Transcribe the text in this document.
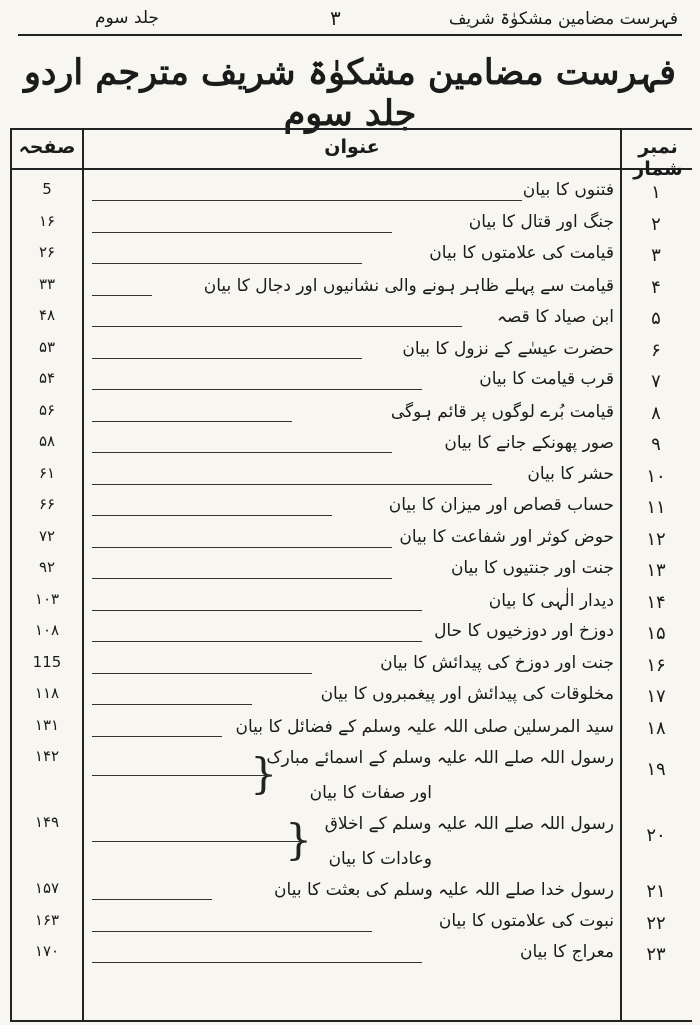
فہرست مضامین مشکوٰۃ شریف
۳
جلد سوم
فہرست مضامین مشکوٰۃ شریف مترجم اردو جلد سوم
نمبر شمار
عنوان
صفحہ
۱
فتنوں کا بیان
5
۲
جنگ اور قتال کا بیان
۱۶
۳
قیامت کی علامتوں کا بیان
۲۶
۴
قیامت سے پہلے ظاہر ہونے والی نشانیوں اور دجال کا بیان
۳۳
۵
ابن صیاد کا قصہ
۴۸
۶
حضرت عیسٰے کے نزول کا بیان
۵۳
۷
قرب قیامت کا بیان
۵۴
۸
قیامت بُرے لوگوں پر قائم ہوگی
۵۶
۹
صور پھونکے جانے کا بیان
۵۸
۱۰
حشر کا بیان
۶۱
۱۱
حساب قصاص اور میزان کا بیان
۶۶
۱۲
حوض کوثر اور شفاعت کا بیان
۷۲
۱۳
جنت اور جنتیوں کا بیان
۹۲
۱۴
دیدار الٰہی کا بیان
۱۰۳
۱۵
دوزخ اور دوزخیوں کا حال
۱۰۸
۱۶
جنت اور دوزخ کی پیدائش کا بیان
115
۱۷
مخلوقات کی پیدائش اور پیغمبروں کا بیان
۱۱۸
۱۸
سید المرسلین صلی اللہ علیہ وسلم کے فضائل کا بیان
۱۳۱
۱۹
رسول اللہ صلے اللہ علیہ وسلم کے اسمائے مبارک
اور صفات کا بیان
}
۱۴۲
۲۰
رسول اللہ صلے اللہ علیہ وسلم کے اخلاق
وعادات کا بیان
}
۱۴۹
۲۱
رسول خدا صلے اللہ علیہ وسلم کی بعثت کا بیان
۱۵۷
۲۲
نبوت کی علامتوں کا بیان
۱۶۳
۲۳
معراج کا بیان
۱۷۰
